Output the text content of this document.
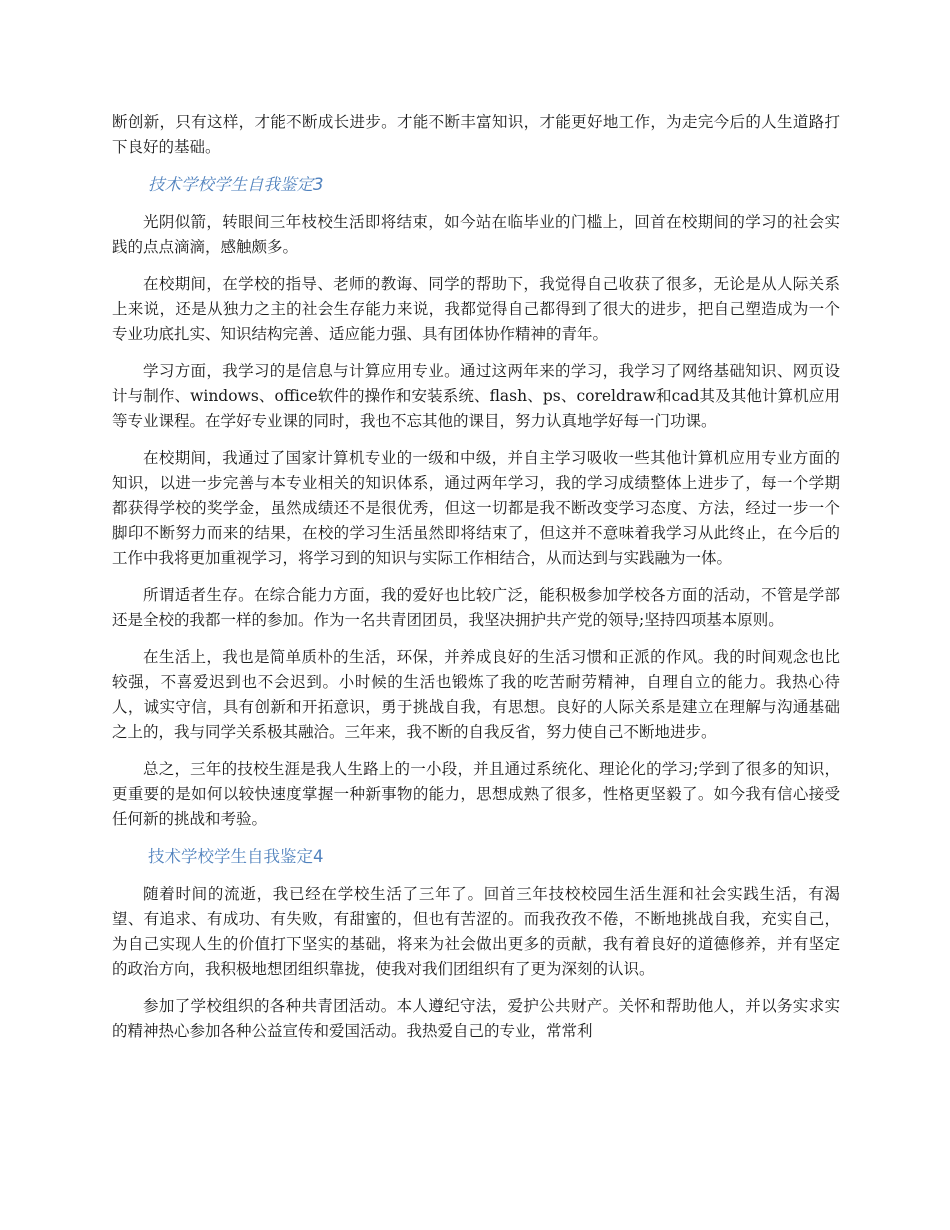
断创新，只有这样，才能不断成长进步。才能不断丰富知识，才能更好地工作，为走完今后的人生道路打下良好的基础。

技术学校学生自我鉴定3

光阴似箭，转眼间三年枝校生活即将结束，如今站在临毕业的门槛上，回首在校期间的学习的社会实践的点点滴滴，感触颇多。

在校期间，在学校的指导、老师的教诲、同学的帮助下，我觉得自己收获了很多，无论是从人际关系上来说，还是从独力之主的社会生存能力来说，我都觉得自己都得到了很大的进步，把自己塑造成为一个专业功底扎实、知识结构完善、适应能力强、具有团体协作精神的青年。

学习方面，我学习的是信息与计算应用专业。通过这两年来的学习，我学习了网络基础知识、网页设计与制作、windows、office软件的操作和安装系统、flash、ps、coreldraw和cad其及其他计算机应用等专业课程。在学好专业课的同时，我也不忘其他的课目，努力认真地学好每一门功课。

在校期间，我通过了国家计算机专业的一级和中级，并自主学习吸收一些其他计算机应用专业方面的知识，以进一步完善与本专业相关的知识体系，通过两年学习，我的学习成绩整体上进步了，每一个学期都获得学校的奖学金，虽然成绩还不是很优秀，但这一切都是我不断改变学习态度、方法，经过一步一个脚印不断努力而来的结果，在校的学习生活虽然即将结束了，但这并不意味着我学习从此终止，在今后的工作中我将更加重视学习，将学习到的知识与实际工作相结合，从而达到与实践融为一体。

所谓适者生存。在综合能力方面，我的爱好也比较广泛，能积极参加学校各方面的活动，不管是学部还是全校的我都一样的参加。作为一名共青团团员，我坚决拥护共产党的领导;坚持四项基本原则。

在生活上，我也是简单质朴的生活，环保，并养成良好的生活习惯和正派的作风。我的时间观念也比较强，不喜爱迟到也不会迟到。小时候的生活也锻炼了我的吃苦耐劳精神，自理自立的能力。我热心待人，诚实守信，具有创新和开拓意识，勇于挑战自我，有思想。良好的人际关系是建立在理解与沟通基础之上的，我与同学关系极其融洽。三年来，我不断的自我反省，努力使自己不断地进步。

总之，三年的技校生涯是我人生路上的一小段，并且通过系统化、理论化的学习;学到了很多的知识，更重要的是如何以较快速度掌握一种新事物的能力，思想成熟了很多，性格更坚毅了。如今我有信心接受任何新的挑战和考验。

技术学校学生自我鉴定4

随着时间的流逝，我已经在学校生活了三年了。回首三年技校校园生活生涯和社会实践生活，有渴望、有追求、有成功、有失败，有甜蜜的，但也有苦涩的。而我孜孜不倦，不断地挑战自我，充实自己，为自己实现人生的价值打下坚实的基础，将来为社会做出更多的贡献，我有着良好的道德修养，并有坚定的政治方向，我积极地想团组织靠拢，使我对我们团组织有了更为深刻的认识。

参加了学校组织的各种共青团活动。本人遵纪守法，爱护公共财产。关怀和帮助他人，并以务实求实的精神热心参加各种公益宣传和爱国活动。我热爱自己的专业，常常利
